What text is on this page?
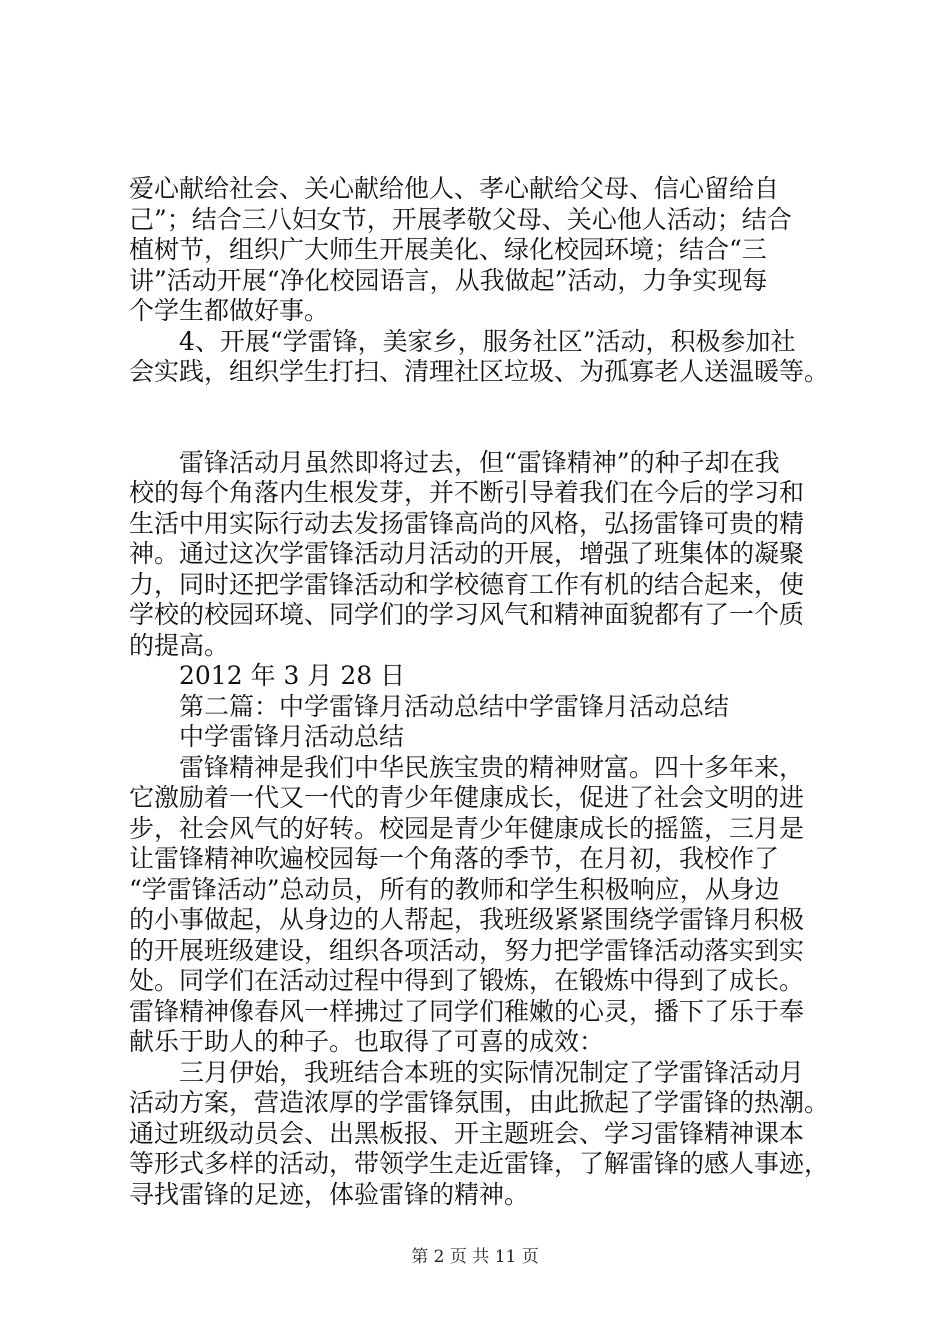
爱心献给社会、关心献给他人、孝心献给父母、信心留给自
己”；结合三八妇女节，开展孝敬父母、关心他人活动；结合
植树节，组织广大师生开展美化、绿化校园环境；结合“三
讲”活动开展“净化校园语言，从我做起”活动，力争实现每
个学生都做好事。
4、开展“学雷锋，美家乡，服务社区”活动，积极参加社
会实践，组织学生打扫、清理社区垃圾、为孤寡老人送温暖等。
雷锋活动月虽然即将过去，但“雷锋精神”的种子却在我
校的每个角落内生根发芽，并不断引导着我们在今后的学习和
生活中用实际行动去发扬雷锋高尚的风格，弘扬雷锋可贵的精
神。通过这次学雷锋活动月活动的开展，增强了班集体的凝聚
力，同时还把学雷锋活动和学校德育工作有机的结合起来，使
学校的校园环境、同学们的学习风气和精神面貌都有了一个质
的提高。
2012 年 3 月 28 日
第二篇：中学雷锋月活动总结中学雷锋月活动总结
中学雷锋月活动总结
雷锋精神是我们中华民族宝贵的精神财富。四十多年来，
它激励着一代又一代的青少年健康成长，促进了社会文明的进
步，社会风气的好转。校园是青少年健康成长的摇篮，三月是
让雷锋精神吹遍校园每一个角落的季节，在月初，我校作了
“学雷锋活动”总动员，所有的教师和学生积极响应，从身边
的小事做起，从身边的人帮起，我班级紧紧围绕学雷锋月积极
的开展班级建设，组织各项活动，努力把学雷锋活动落实到实
处。同学们在活动过程中得到了锻炼，在锻炼中得到了成长。
雷锋精神像春风一样拂过了同学们稚嫩的心灵，播下了乐于奉
献乐于助人的种子。也取得了可喜的成效：
三月伊始，我班结合本班的实际情况制定了学雷锋活动月
活动方案，营造浓厚的学雷锋氛围，由此掀起了学雷锋的热潮。
通过班级动员会、出黑板报、开主题班会、学习雷锋精神课本
等形式多样的活动，带领学生走近雷锋，了解雷锋的感人事迹，
寻找雷锋的足迹，体验雷锋的精神。
第 2 页 共 11 页
